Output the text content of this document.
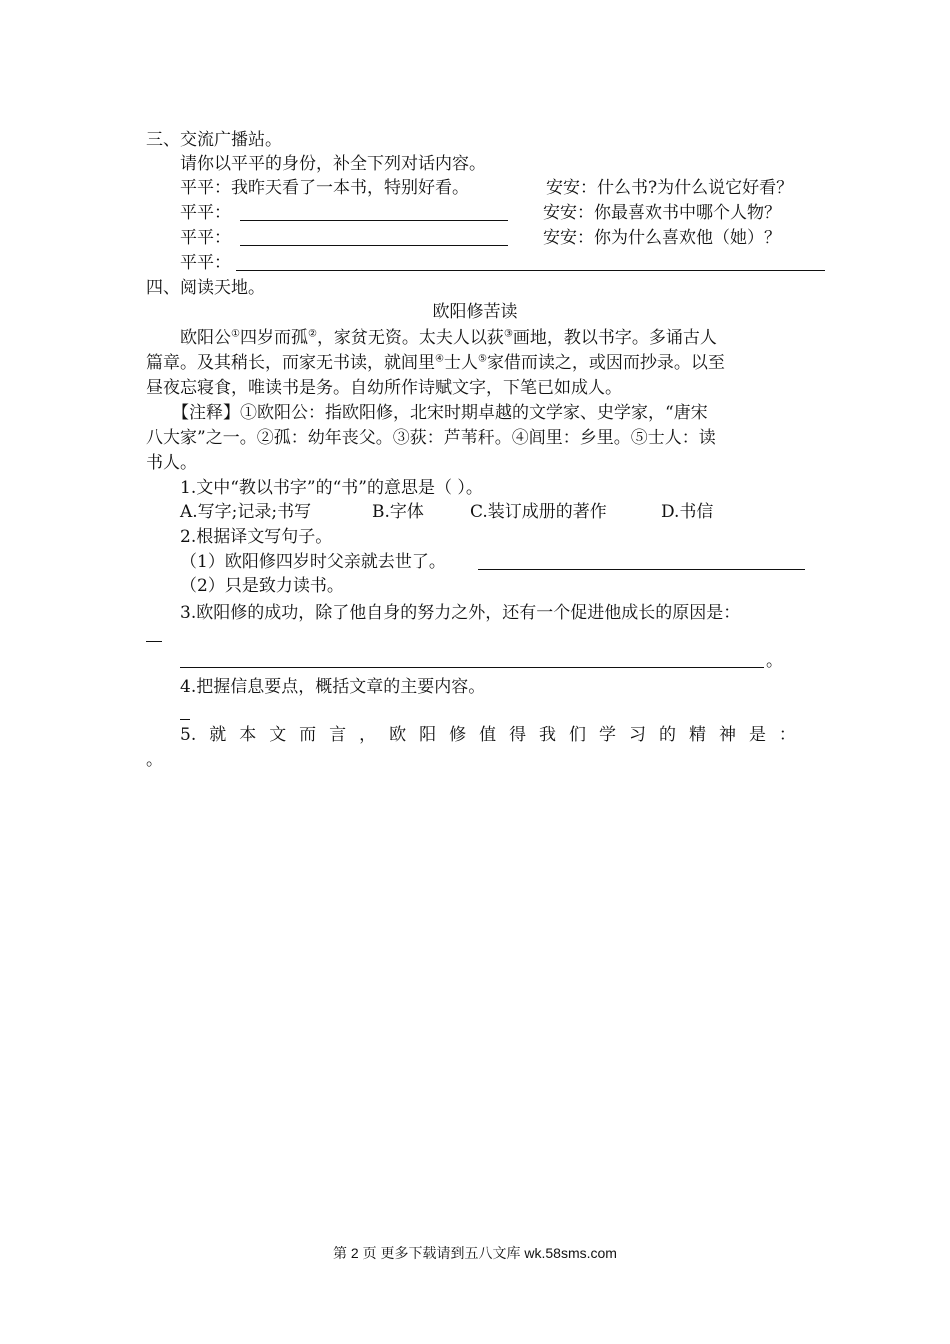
三、交流广播站。
请你以平平的身份，补全下列对话内容。
平平：我昨天看了一本书，特别好看。	安安：什么书?为什么说它好看？
平平：	安安：你最喜欢书中哪个人物？
平平：	安安：你为什么喜欢他（她）？
平平：
四、阅读天地。
欧阳修苦读
欧阳公①四岁而孤②，家贫无资。太夫人以荻③画地，教以书字。多诵古人
篇章。及其稍长，而家无书读，就闾里④士人⑤家借而读之，或因而抄录。以至
昼夜忘寝食，唯读书是务。自幼所作诗赋文字，下笔已如成人。
【注释】①欧阳公：指欧阳修，北宋时期卓越的文学家、史学家，“唐宋
八大家”之一。②孤：幼年丧父。③荻：芦苇秆。④闾里：乡里。⑤士人：读
书人。
1.文中“教以书字”的“书”的意思是（ ）。
A.写字;记录;书写	B.字体	C.装订成册的著作	D.书信
2.根据译文写句子。
（1）欧阳修四岁时父亲就去世了。
（2）只是致力读书。
3.欧阳修的成功，除了他自身的努力之外，还有一个促进他成长的原因是：
。
4.把握信息要点，概括文章的主要内容。
5. 就 本 文 而 言 ， 欧 阳 修 值 得 我 们 学 习 的 精 神 是 ：
。
第 2 页 更多下载请到五八文库 wk.58sms.com
